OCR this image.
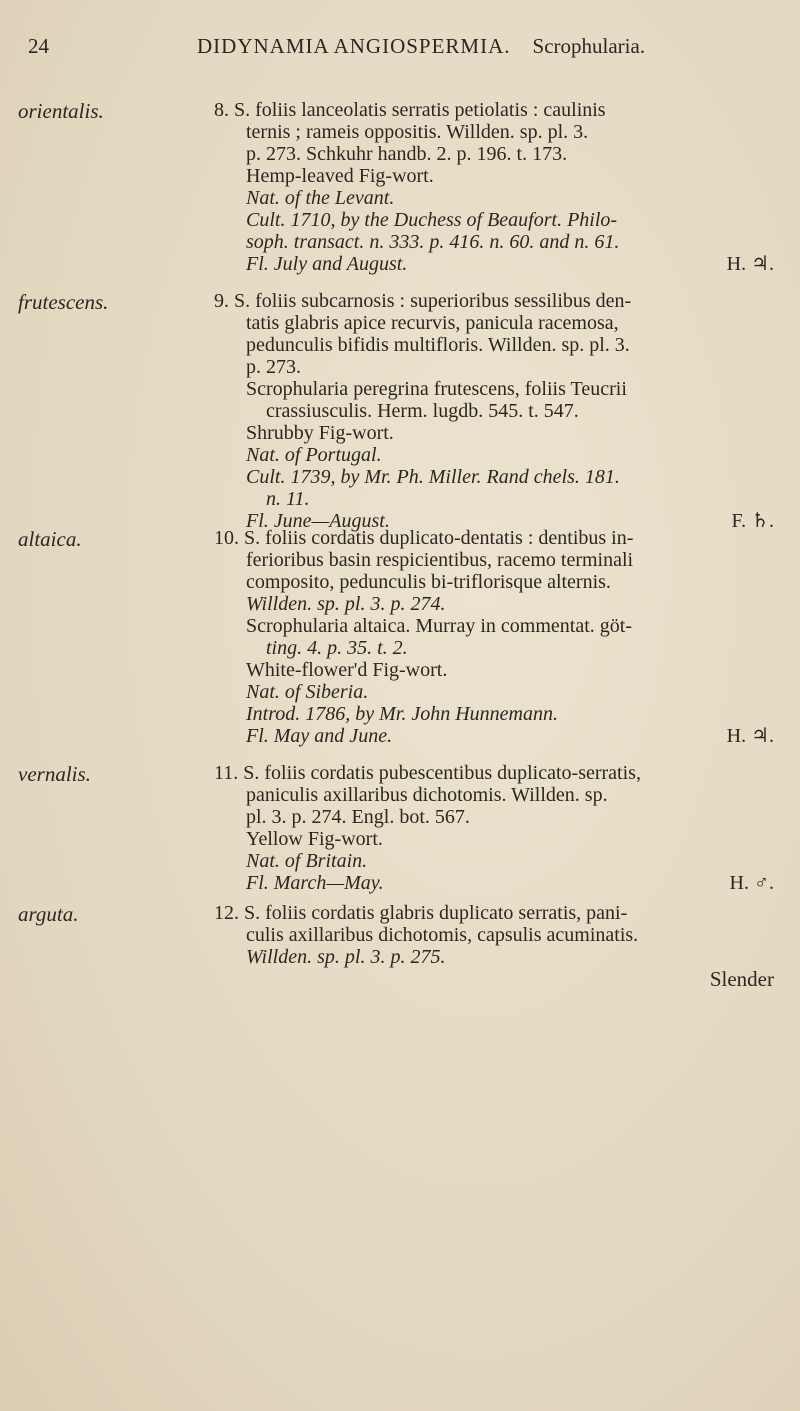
24	DIDYNAMIA ANGIOSPERMIA. Scrophularia.
orientalis.	8. S. foliis lanceolatis serratis petiolatis : caulinis

ternis ; rameis oppositis. Willden. sp. pl. 3.

p. 273. Schkuhr handb. 2. p. 196. t. 173.

Hemp-leaved Fig-wort.

Nat. of the Levant.

Cult. 1710, by the Duchess of Beaufort. Philo-

soph. transact. n. 333. p. 416. n. 60. and n. 61.

Fl. July and August.	H. ♃.
frutescens.	9. S. foliis subcarnosis : superioribus sessilibus den-

tatis glabris apice recurvis, panicula racemosa,

pedunculis bifidis multifloris. Willden. sp. pl. 3.

p. 273.

Scrophularia peregrina frutescens, foliis Teucrii

crassiusculis. Herm. lugdb. 545. t. 547.

Shrubby Fig-wort.

Nat. of Portugal.

Cult. 1739, by Mr. Ph. Miller. Rand chels. 181.

n. 11.

Fl. June—August.	F. ♄.
altaica.	10. S. foliis cordatis duplicato-dentatis : dentibus in-

ferioribus basin respicientibus, racemo terminali

composito, pedunculis bi-triflorisque alternis.

Willden. sp. pl. 3. p. 274.

Scrophularia altaica. Murray in commentat. göt-

ting. 4. p. 35. t. 2.

White-flower'd Fig-wort.

Nat. of Siberia.

Introd. 1786, by Mr. John Hunnemann.

Fl. May and June.	H. ♃.
vernalis.	11. S. foliis cordatis pubescentibus duplicato-serratis,

paniculis axillaribus dichotomis. Willden. sp.

pl. 3. p. 274. Engl. bot. 567.

Yellow Fig-wort.

Nat. of Britain.

Fl. March—May.	H. ♂.
arguta.	12. S. foliis cordatis glabris duplicato serratis, pani-

culis axillaribus dichotomis, capsulis acuminatis.

Willden. sp. pl. 3. p. 275.

Slender
